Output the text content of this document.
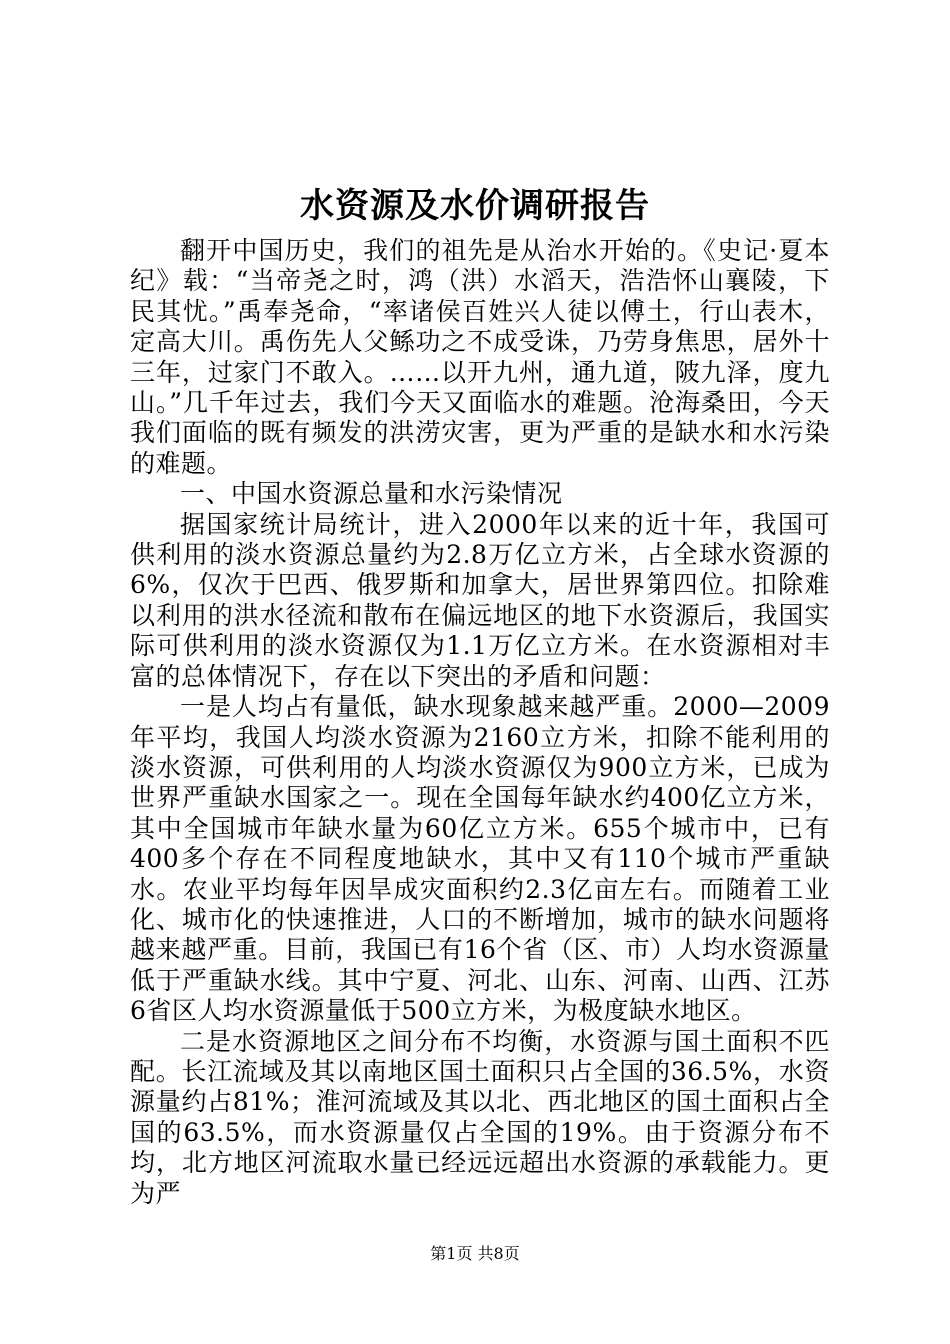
水资源及水价调研报告

翻开中国历史，我们的祖先是从治水开始的。《史记·夏本纪》载：“当帝尧之时，鸿（洪）水滔天，浩浩怀山襄陵，下民其忧。”禹奉尧命，“率诸侯百姓兴人徒以傅土，行山表木，定高大川。禹伤先人父鲧功之不成受诛，乃劳身焦思，居外十三年，过家门不敢入。……以开九州，通九道，陂九泽，度九山。”几千年过去，我们今天又面临水的难题。沧海桑田，今天我们面临的既有频发的洪涝灾害，更为严重的是缺水和水污染的难题。

一、中国水资源总量和水污染情况

据国家统计局统计，进入2000年以来的近十年，我国可供利用的淡水资源总量约为2.8万亿立方米，占全球水资源的6%，仅次于巴西、俄罗斯和加拿大，居世界第四位。扣除难以利用的洪水径流和散布在偏远地区的地下水资源后，我国实际可供利用的淡水资源仅为1.1万亿立方米。在水资源相对丰富的总体情况下，存在以下突出的矛盾和问题：

一是人均占有量低，缺水现象越来越严重。2000—2009年平均，我国人均淡水资源为2160立方米，扣除不能利用的淡水资源，可供利用的人均淡水资源仅为900立方米，已成为世界严重缺水国家之一。现在全国每年缺水约400亿立方米，其中全国城市年缺水量为60亿立方米。655个城市中，已有400多个存在不同程度地缺水，其中又有110个城市严重缺水。农业平均每年因旱成灾面积约2.3亿亩左右。而随着工业化、城市化的快速推进，人口的不断增加，城市的缺水问题将越来越严重。目前，我国已有16个省（区、市）人均水资源量低于严重缺水线。其中宁夏、河北、山东、河南、山西、江苏6省区人均水资源量低于500立方米，为极度缺水地区。

二是水资源地区之间分布不均衡，水资源与国土面积不匹配。长江流域及其以南地区国土面积只占全国的36.5%，水资源量约占81%；淮河流域及其以北、西北地区的国土面积占全国的63.5%，而水资源量仅占全国的19%。由于资源分布不均，北方地区河流取水量已经远远超出水资源的承载能力。更为严

第1页 共8页
